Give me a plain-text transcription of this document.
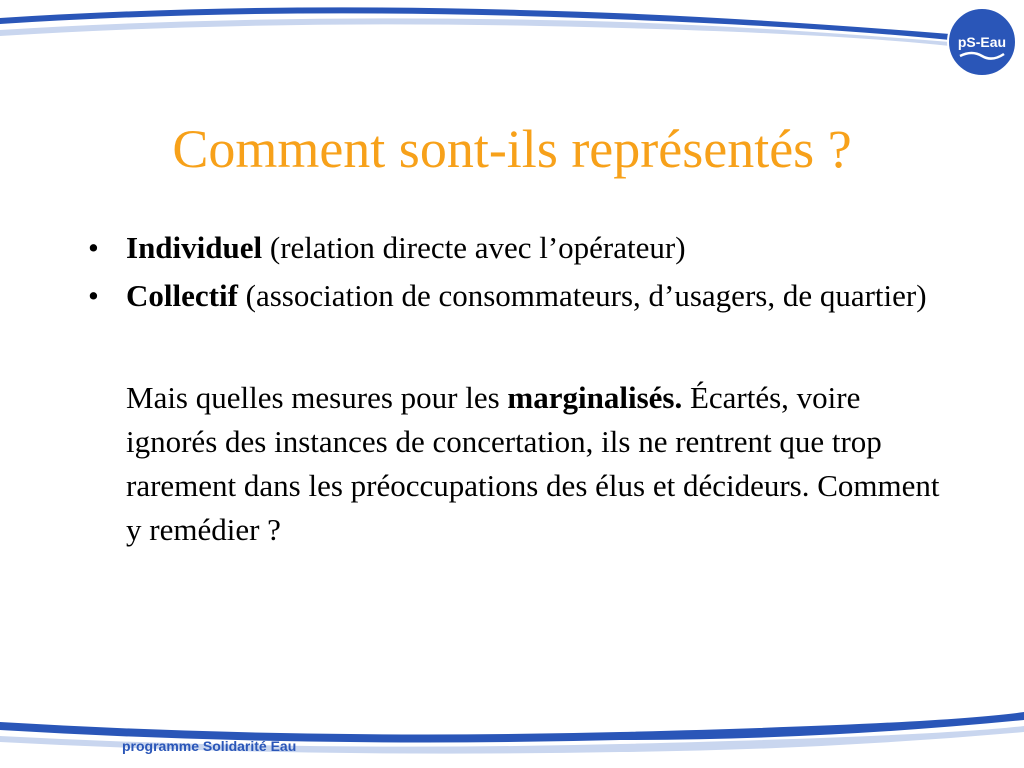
pS-Eau
Comment sont-ils représentés ?
• Individuel (relation directe avec l’opérateur)
• Collectif (association de consommateurs, d’usagers, de quartier)
Mais quelles mesures pour les marginalisés. Écartés, voire ignorés des instances de concertation, ils ne rentrent que trop rarement dans les préoccupations des élus et décideurs. Comment y remédier ?
programme Solidarité Eau
